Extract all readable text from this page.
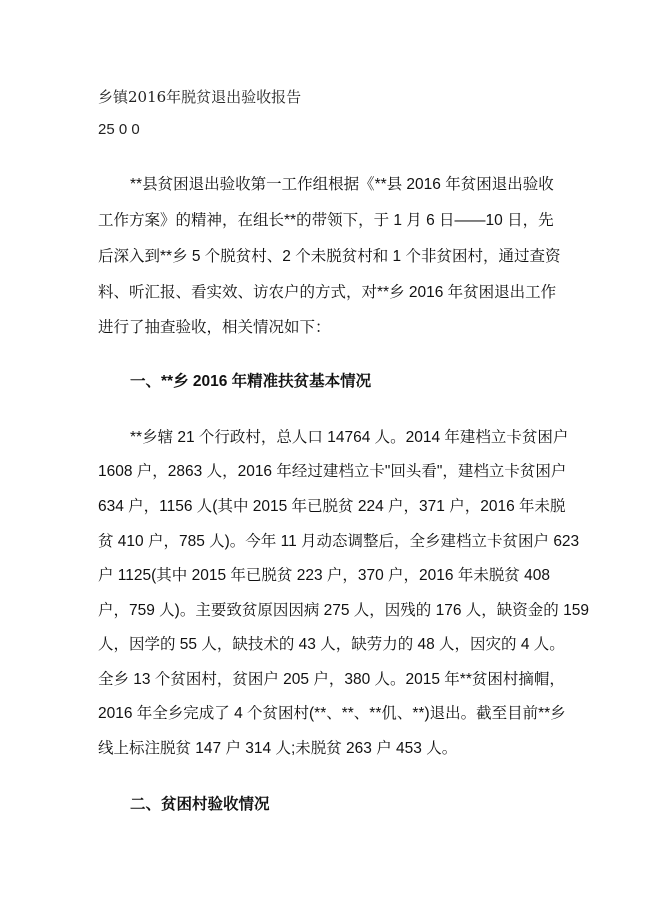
乡镇2016年脱贫退出验收报告
25 0 0
**县贫困退出验收第一工作组根据《**县 2016 年贫困退出验收
工作方案》的精神，在组长**的带领下，于 1 月 6 日——10 日，先
后深入到**乡 5 个脱贫村、2 个未脱贫村和 1 个非贫困村，通过查资
料、听汇报、看实效、访农户的方式，对**乡 2016 年贫困退出工作
进行了抽查验收，相关情况如下：
一、**乡 2016 年精准扶贫基本情况
**乡辖 21 个行政村，总人口 14764 人。2014 年建档立卡贫困户
1608 户，2863 人，2016 年经过建档立卡"回头看"，建档立卡贫困户
634 户，1156 人(其中 2015 年已脱贫 224 户，371 户，2016 年未脱
贫 410 户，785 人)。今年 11 月动态调整后，全乡建档立卡贫困户 623
户 1125(其中 2015 年已脱贫 223 户，370 户，2016 年未脱贫 408
户，759 人)。主要致贫原因因病 275 人，因残的 176 人，缺资金的 159
人，因学的 55 人，缺技术的 43 人，缺劳力的 48 人，因灾的 4 人。
全乡 13 个贫困村，贫困户 205 户，380 人。2015 年**贫困村摘帽，
2016 年全乡完成了 4 个贫困村(**、**、**仉、**)退出。截至目前**乡
线上标注脱贫 147 户 314 人;未脱贫 263 户 453 人。
二、贫困村验收情况
